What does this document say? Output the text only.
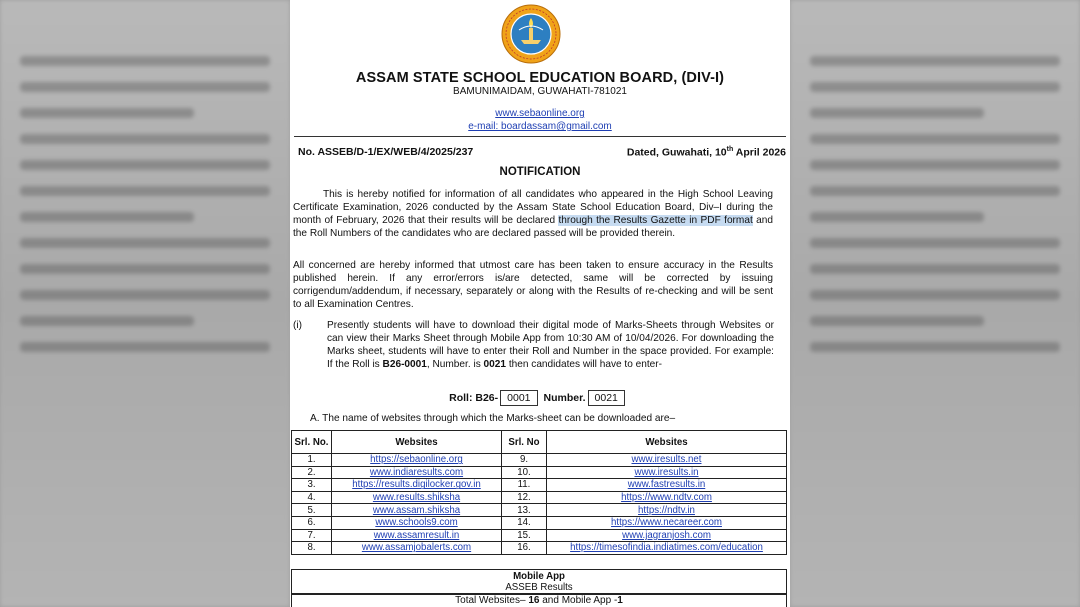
ASSAM STATE SCHOOL EDUCATION BOARD, (DIV-I)
BAMUNIMAIDAM, GUWAHATI-781021
www.sebaonline.org
e-mail: boardassam@gmail.com
No. ASSEB/D-1/EX/WEB/4/2025/237	Dated, Guwahati, 10th April 2026
NOTIFICATION
This is hereby notified for information of all candidates who appeared in the High School Leaving Certificate Examination, 2026 conducted by the Assam State School Education Board, Div–I during the month of February, 2026 that their results will be declared through the Results Gazette in PDF format and the Roll Numbers of the candidates who are declared passed will be provided therein.
All concerned are hereby informed that utmost care has been taken to ensure accuracy in the Results published herein. If any error/errors is/are detected, same will be corrected by issuing corrigendum/addendum, if necessary, separately or along with the Results of re-checking and will be sent to all Examination Centres.
(i) Presently students will have to download their digital mode of Marks-Sheets through Websites or can view their Marks Sheet through Mobile App from 10:30 AM of 10/04/2026. For downloading the Marks sheet, students will have to enter their Roll and Number in the space provided. For example: If the Roll is B26-0001, Number. is 0021 then candidates will have to enter-
Roll: B26- 0001 Number. 0021
A. The name of websites through which the Marks-sheet can be downloaded are–
Srl. No.	Websites	Srl. No	Websites
1.	https://sebaonline.org	9.	www.iresults.net
2.	www.indiaresults.com	10.	www.iresults.in
3.	https://results.digilocker.gov.in	11.	www.fastresults.in
4.	www.results.shiksha	12.	https://www.ndtv.com
5.	www.assam.shiksha	13.	https://ndtv.in
6.	www.schools9.com	14.	https://www.necareer.com
7.	www.assamresult.in	15.	www.jagranjosh.com
8.	www.assamjobalerts.com	16.	https://timesofindia.indiatimes.com/education
Mobile App
ASSEB Results
Total Websites– 16 and Mobile App -1
